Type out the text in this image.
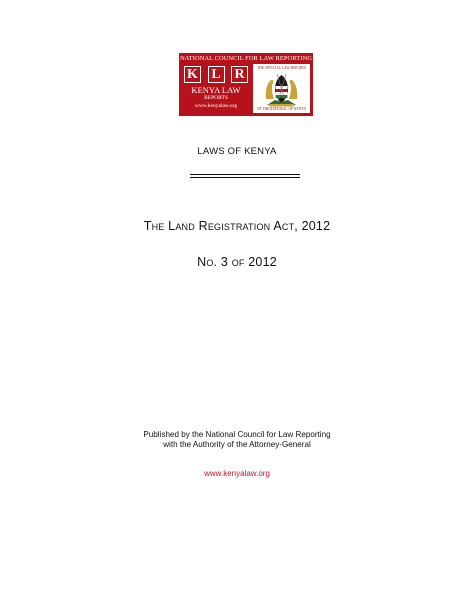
NATIONAL COUNCIL FOR LAW REPORTING
K L R
KENYA LAW
REPORTS
www.kenyalaw.org
THE OFFICIAL LAW REPORTS
OF THE REPUBLIC OF KENYA
LAWS OF KENYA
The Land Registration Act, 2012
No. 3 of 2012
Published by the National Council for Law Reporting
with the Authority of the Attorney-General
www.kenyalaw.org
